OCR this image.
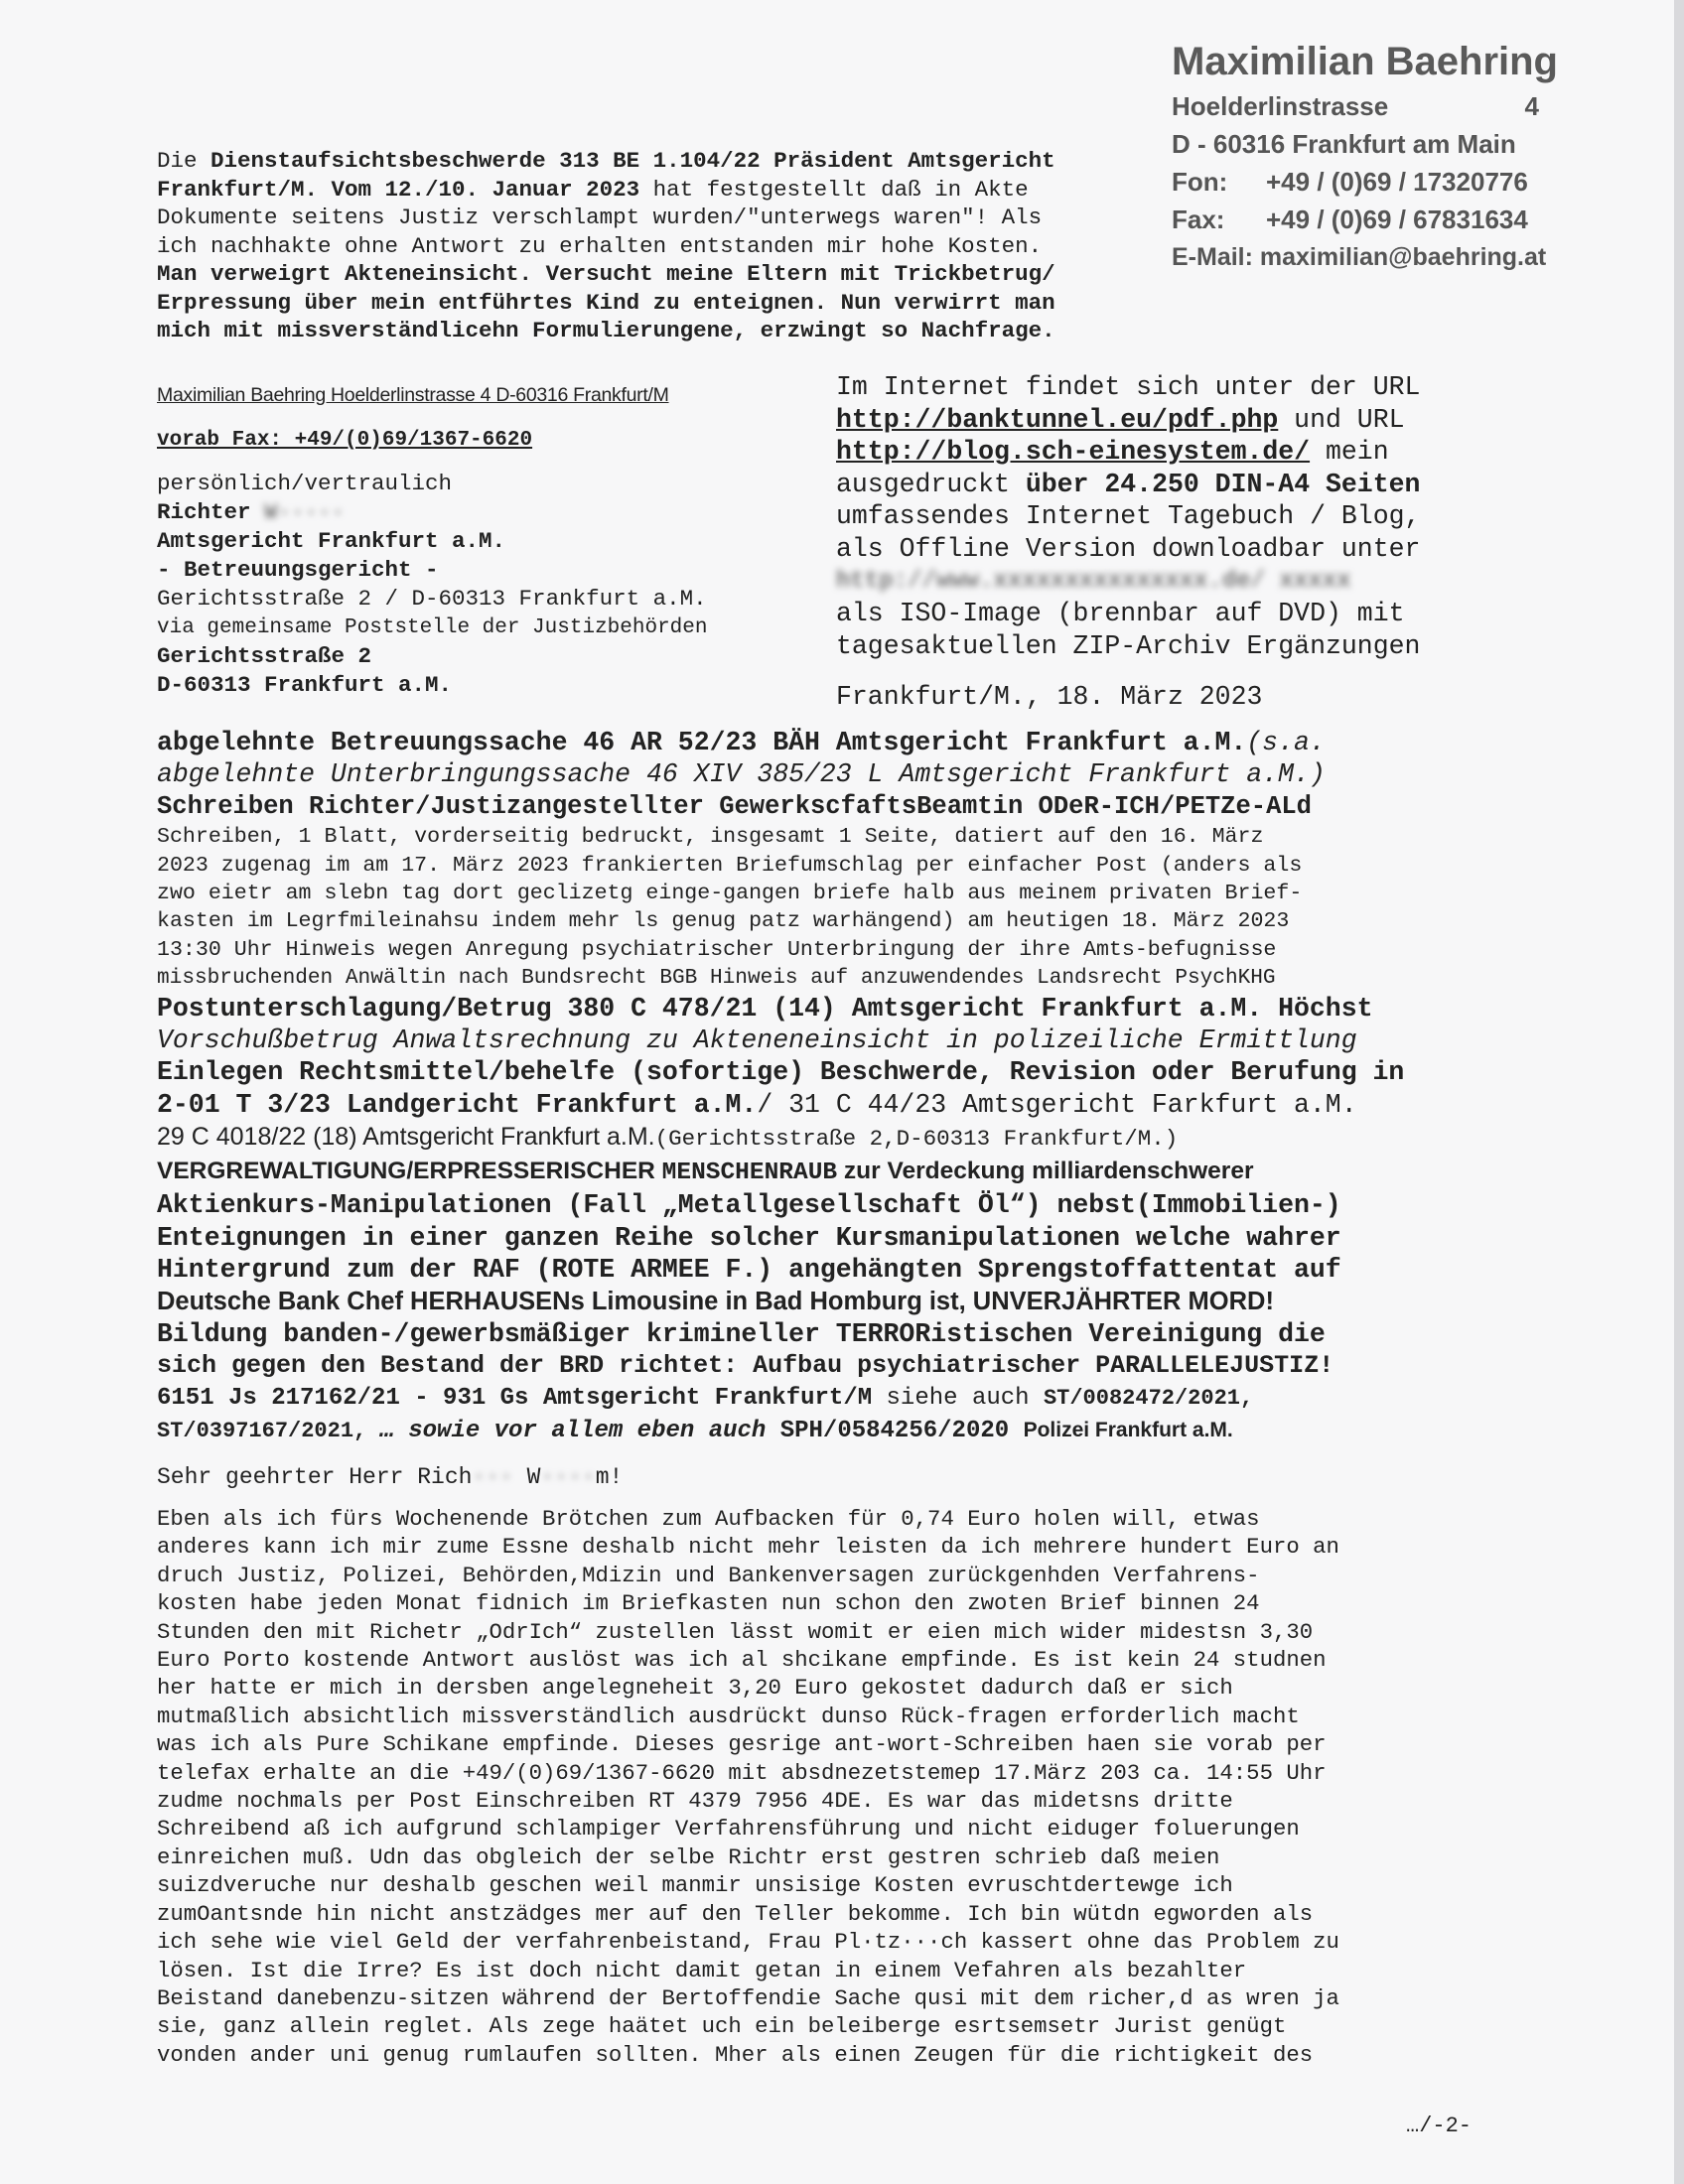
Maximilian Baehring
Hoelderlinstrasse	4
D - 60316 Frankfurt am Main
Fon:	+49 / (0)69 / 17320776
Fax:	+49 / (0)69 / 67831634
E-Mail: maximilian@baehring.at
Die Dienstaufsichtsbeschwerde 313 BE 1.104/22 Präsident Amtsgericht
Frankfurt/M. Vom 12./10. Januar 2023 hat festgestellt daß in Akte
Dokumente seitens Justiz verschlampt wurden/"unterwegs waren"! Als
ich nachhakte ohne Antwort zu erhalten entstanden mir hohe Kosten.
Man verweigrt Akteneinsicht. Versucht meine Eltern mit Trickbetrug/
Erpressung über mein entführtes Kind zu enteignen. Nun verwirrt man
mich mit missverständlicehn Formulierungene, erzwingt so Nachfrage.
Maximilian Baehring Hoelderlinstrasse 4 D-60316 Frankfurt/M
vorab Fax: +49/(0)69/1367-6620
persönlich/vertraulich
Richter W·····
Amtsgericht Frankfurt a.M.
- Betreuungsgericht -
Gerichtsstraße 2 / D-60313 Frankfurt a.M.
via gemeinsame Poststelle der Justizbehörden
Gerichtsstraße 2
D-60313 Frankfurt a.M.
Im Internet findet sich unter der URL
http://banktunnel.eu/pdf.php und URL
http://blog.sch-einesystem.de/ mein
ausgedruckt über 24.250 DIN-A4 Seiten
umfassendes Internet Tagebuch / Blog,
als Offline Version downloadbar unter
http://www.xxxxxxxxxxxxxxx.de/ xxxxx
als ISO-Image (brennbar auf DVD) mit
tagesaktuellen ZIP-Archiv Ergänzungen
Frankfurt/M., 18. März 2023
abgelehnte Betreuungssache 46 AR 52/23 BÄH Amtsgericht Frankfurt a.M.(s.a.
abgelehnte Unterbringungssache 46 XIV 385/23 L Amtsgericht Frankfurt a.M.)
Schreiben Richter/Justizangestellter GewerkscfaftsBeamtin ODeR-ICH/PETZe-ALd
Schreiben, 1 Blatt, vorderseitig bedruckt, insgesamt 1 Seite, datiert auf den 16. März
2023 zugenag im am 17. März 2023 frankierten Briefumschlag per einfacher Post (anders als
zwo eietr am slebn tag dort geclizetg einge-gangen briefe halb aus meinem privaten Brief-
kasten im Legrfmileinahsu indem mehr ls genug patz warhängend) am heutigen 18. März 2023
13:30 Uhr Hinweis wegen Anregung psychiatrischer Unterbringung der ihre Amts-befugnisse
missbruchenden Anwältin nach Bundsrecht BGB Hinweis auf anzuwendendes Landsrecht PsychKHG
Postunterschlagung/Betrug 380 C 478/21 (14) Amtsgericht Frankfurt a.M. Höchst
Vorschußbetrug Anwaltsrechnung zu Akteneneinsicht in polizeiliche Ermittlung
Einlegen Rechtsmittel/behelfe (sofortige) Beschwerde, Revision oder Berufung in
2-01 T 3/23 Landgericht Frankfurt a.M./ 31 C 44/23 Amtsgericht Farkfurt a.M.
29 C 4018/22 (18) Amtsgericht Frankfurt a.M.(Gerichtsstraße 2,D-60313 Frankfurt/M.)
VERGREWALTIGUNG/ERPRESSERISCHER MENSCHENRAUB zur Verdeckung milliardenschwerer
Aktienkurs-Manipulationen (Fall „Metallgesellschaft Öl“) nebst(Immobilien-)
Enteignungen in einer ganzen Reihe solcher Kursmanipulationen welche wahrer
Hintergrund zum der RAF (ROTE ARMEE F.) angehängten Sprengstoffattentat auf
Deutsche Bank Chef HERHAUSENs Limousine in Bad Homburg ist, UNVERJÄHRTER MORD!
Bildung banden-/gewerbsmäßiger krimineller TERRORistischen Vereinigung die
sich gegen den Bestand der BRD richtet: Aufbau psychiatrischer PARALLELEJUSTIZ!
6151 Js 217162/21 - 931 Gs Amtsgericht Frankfurt/M siehe auch ST/0082472/2021,
ST/0397167/2021, … sowie vor allem eben auch SPH/0584256/2020 Polizei Frankfurt a.M.
Sehr geehrter Herr Rich··· W····m!
Eben als ich fürs Wochenende Brötchen zum Aufbacken für 0,74 Euro holen will, etwas
anderes kann ich mir zume Essne deshalb nicht mehr leisten da ich mehrere hundert Euro an
druch Justiz, Polizei, Behörden,Mdizin und Bankenversagen zurückgenhden Verfahrens-
kosten habe jeden Monat fidnich im Briefkasten nun schon den zwoten Brief binnen 24
Stunden den mit Richetr „OdrIch“ zustellen lässt womit er eien mich wider midestsn 3,30
Euro Porto kostende Antwort auslöst was ich al shcikane empfinde. Es ist kein 24 studnen
her hatte er mich in dersben angelegneheit 3,20 Euro gekostet dadurch daß er sich
mutmaßlich absichtlich missverständlich ausdrückt dunso Rück-fragen erforderlich macht
was ich als Pure Schikane empfinde. Dieses gesrige ant-wort-Schreiben haen sie vorab per
telefax erhalte an die +49/(0)69/1367-6620 mit absdnezetstemep 17.März 203 ca. 14:55 Uhr
zudme nochmals per Post Einschreiben RT 4379 7956 4DE. Es war das midetsns dritte
Schreibend aß ich aufgrund schlampiger Verfahrensführung und nicht eiduger foluerungen
einreichen muß. Udn das obgleich der selbe Richtr erst gestren schrieb daß meien
suizdveruche nur deshalb geschen weil manmir unsisige Kosten evruschtdertewge ich
zumOantsnde hin nicht anstzädges mer auf den Teller bekomme. Ich bin wütdn egworden als
ich sehe wie viel Geld der verfahrenbeistand, Frau Pl·tz···ch kassert ohne das Problem zu
lösen. Ist die Irre? Es ist doch nicht damit getan in einem Vefahren als bezahlter
Beistand danebenzu-sitzen während der Bertoffendie Sache qusi mit dem richer,d as wren ja
sie, ganz allein reglet. Als zege haätet uch ein beleiberge esrtsemsetr Jurist genügt
vonden ander uni genug rumlaufen sollten. Mher als einen Zeugen für die richtigkeit des
…/-2-
